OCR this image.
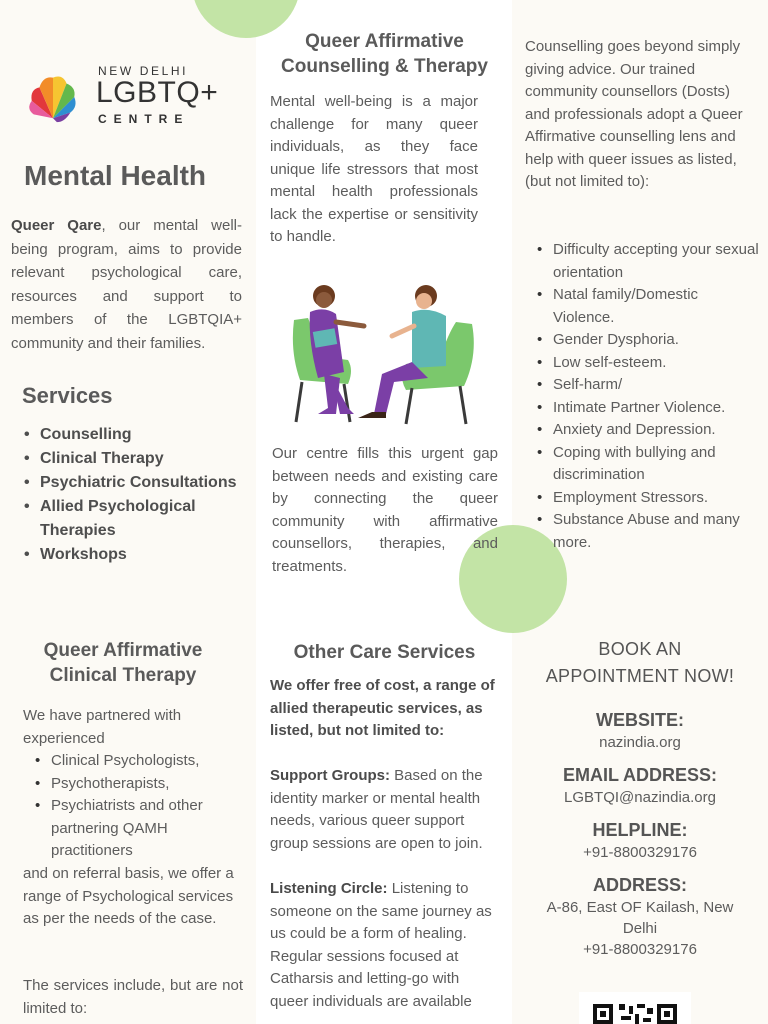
NEW DELHI
LGBTQ+
CENTRE
Mental Health

Queer Qare, our mental well-being program, aims to provide relevant psychological care, resources and support to members of the LGBTQIA+ community and their families.

Services
• Counselling
• Clinical Therapy
• Psychiatric Consultations
• Allied Psychological Therapies
• Workshops
Queer Affirmative Clinical Therapy

We have partnered with experienced

• Clinical Psychologists,
• Psychotherapists,
• Psychiatrists and other partnering QAMH practitioners

and on referral basis, we offer a range of Psychological services as per the needs of the case.

The services include, but are not limited to:

Queer Affirmative Counselling & Therapy

Mental well-being is a major challenge for many queer individuals, as they face unique life stressors that most mental health professionals lack the expertise or sensitivity to handle.

Our centre fills this urgent gap between needs and existing care by connecting the queer community with affirmative counsellors, therapies, and treatments.

Other Care Services

We offer free of cost, a range of allied therapeutic services, as listed, but not limited to:

Support Groups: Based on the identity marker or mental health needs, various queer support group sessions are open to join.

Listening Circle: Listening to someone on the same journey as us could be a form of healing. Regular sessions focused at Catharsis and letting-go with queer individuals are available

Counselling goes beyond simply giving advice. Our trained community counsellors (Dosts) and professionals adopt a Queer Affirmative counselling lens and help with queer issues as listed, (but not limited to):

• Difficulty accepting your sexual orientation
• Natal family/Domestic Violence.
• Gender Dysphoria.
• Low self-esteem.
• Self-harm/
• Intimate Partner Violence.
• Anxiety and Depression.
• Coping with bullying and discrimination
• Employment Stressors.
• Substance Abuse and many more.
BOOK AN APPOINTMENT NOW!
WEBSITE:
nazindia.org
EMAIL ADDRESS:
LGBTQI@nazindia.org
HELPLINE:
+91-8800329176
ADDRESS:
A-86, East OF Kailash, New Delhi
+91-8800329176
